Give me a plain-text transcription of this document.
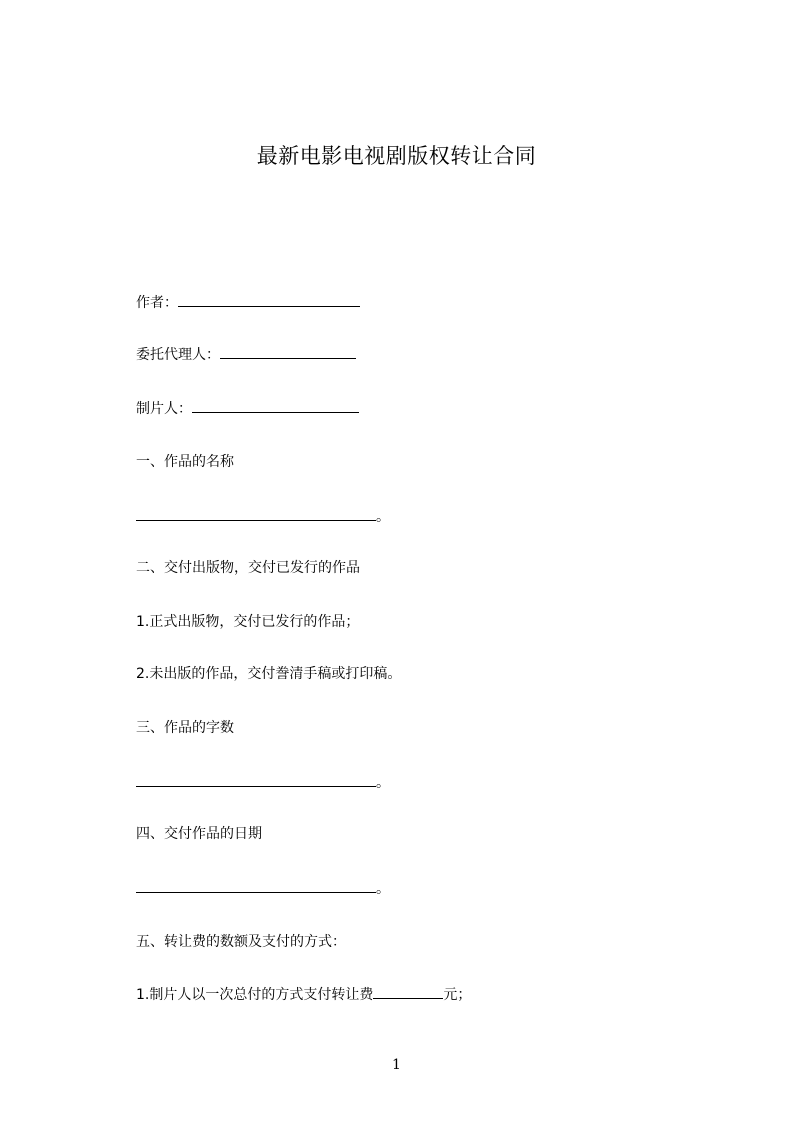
最新电影电视剧版权转让合同
作者：
委托代理人：
制片人：
一、作品的名称
。
二、交付出版物，交付已发行的作品
1.正式出版物，交付已发行的作品；
2.未出版的作品，交付誊清手稿或打印稿。
三、作品的字数
。
四、交付作品的日期
。
五、转让费的数额及支付的方式：
1.制片人以一次总付的方式支付转让费	元；
1
